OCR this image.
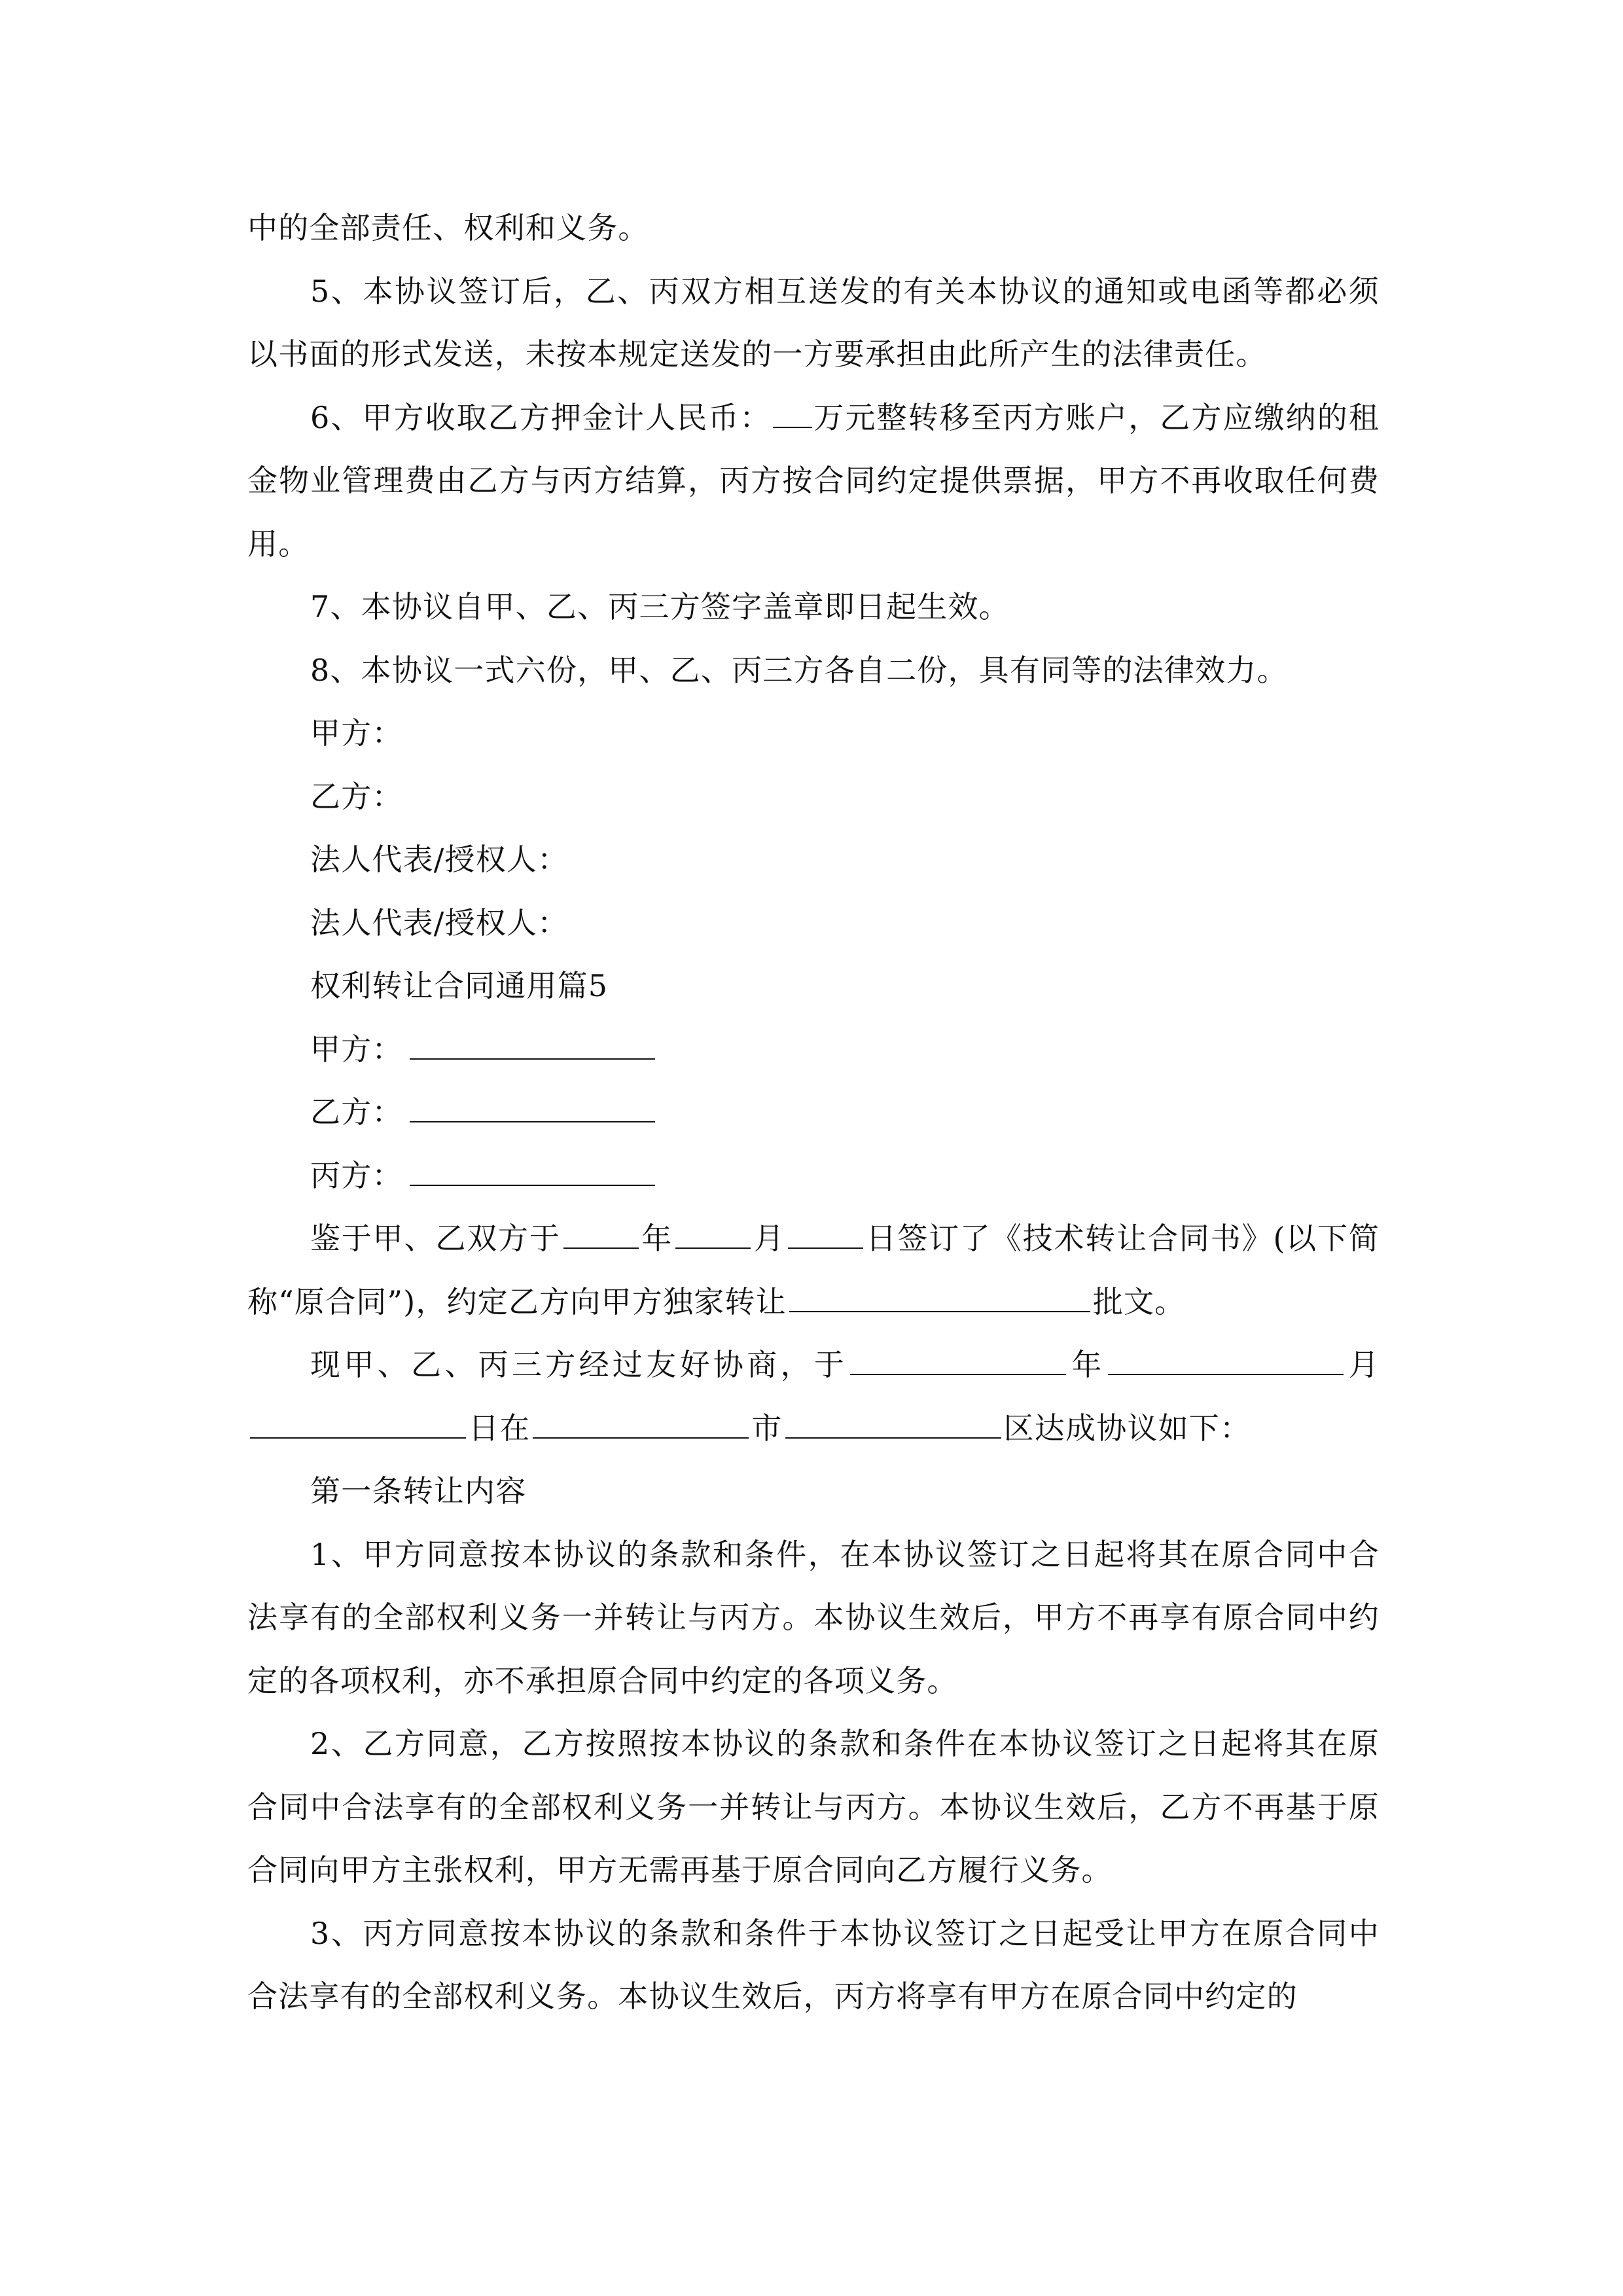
中的全部责任、权利和义务。

5、本协议签订后，乙、丙双方相互送发的有关本协议的通知或电函等都必须以书面的形式发送，未按本规定送发的一方要承担由此所产生的法律责任。

6、甲方收取乙方押金计人民币： 万元整转移至丙方账户，乙方应缴纳的租金物业管理费由乙方与丙方结算，丙方按合同约定提供票据，甲方不再收取任何费用。

7、本协议自甲、乙、丙三方签字盖章即日起生效。

8、本协议一式六份，甲、乙、丙三方各自二份，具有同等的法律效力。

甲方：

乙方：

法人代表/授权人：

法人代表/授权人：

权利转让合同通用篇5

甲方：

乙方：

丙方：

鉴于甲、乙双方于	年	月	日签订了《技术转让合同书》(以下简称“原合同”)，约定乙方向甲方独家转让	批文。

现甲、乙、丙三方经过友好协商，于	年	月日在	市	区达成协议如下：

第一条转让内容

1、甲方同意按本协议的条款和条件，在本协议签订之日起将其在原合同中合法享有的全部权利义务一并转让与丙方。本协议生效后，甲方不再享有原合同中约定的各项权利，亦不承担原合同中约定的各项义务。

2、乙方同意，乙方按照按本协议的条款和条件在本协议签订之日起将其在原合同中合法享有的全部权利义务一并转让与丙方。本协议生效后，乙方不再基于原合同向甲方主张权利，甲方无需再基于原合同向乙方履行义务。

3、丙方同意按本协议的条款和条件于本协议签订之日起受让甲方在原合同中合法享有的全部权利义务。本协议生效后，丙方将享有甲方在原合同中约定的
